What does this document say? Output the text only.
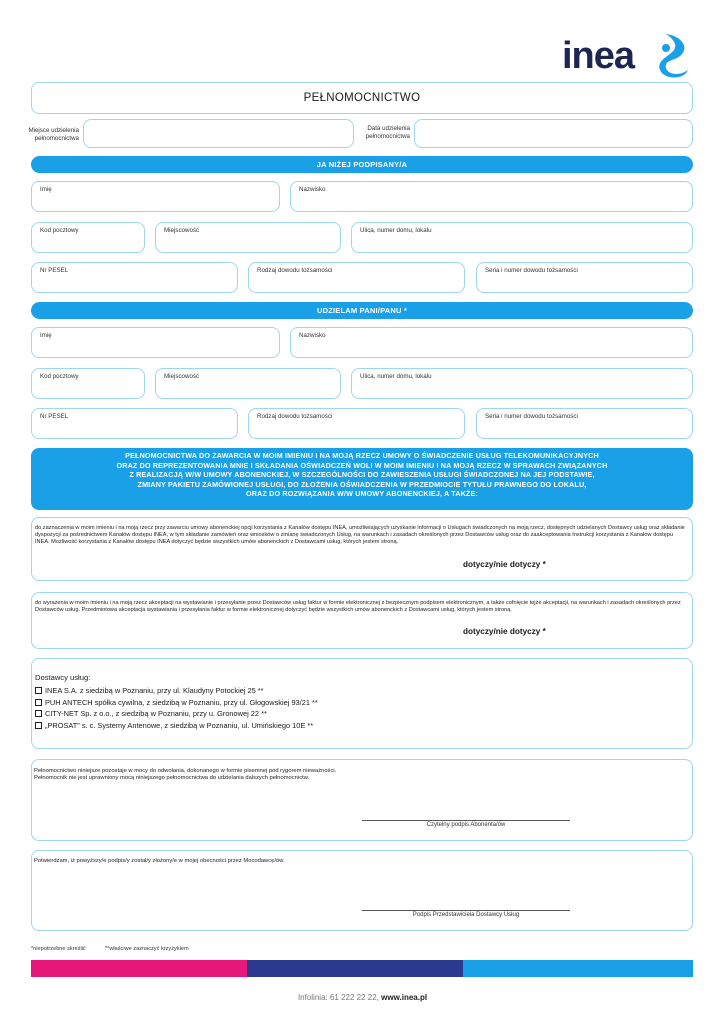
inea
PEŁNOMOCNICTWO
Miejsce udzielenia
pełnomocnictwa
Data udzielenia
pełnomocnictwa
JA NIŻEJ PODPISANY/A
Imię	Nazwisko
Kod pocztowy	Miejscowość	Ulica, numer domu, lokalu
Nr PESEL	Rodzaj dowodu tożsamości	Seria i numer dowodu tożsamości
UDZIELAM PANI/PANU *
Imię	Nazwisko
Kod pocztowy	Miejscowość	Ulica, numer domu, lokalu
Nr PESEL	Rodzaj dowodu tożsamości	Seria i numer dowodu tożsamości
PEŁNOMOCNICTWA DO ZAWARCIA W MOIM IMIENIU I NA MOJĄ RZECZ UMOWY O ŚWIADCZENIE USŁUG TELEKOMUNIKACYJNYCH
ORAZ DO REPREZENTOWANIA MNIE I SKŁADANIA OŚWIADCZEŃ WOLI W MOIM IMIENIU I NA MOJĄ RZECZ W SPRAWACH ZWIĄZANYCH
Z REALIZACJĄ W/W UMOWY ABONENCKIEJ, W SZCZEGÓLNOŚCI DO ZAWIESZENIA USŁUGI ŚWIADCZONEJ NA JEJ PODSTAWIE,
ZMIANY PAKIETU ZAMÓWIONEJ USŁUGI, DO ZŁOŻENIA OŚWIADCZENIA W PRZEDMIOCIE TYTUŁU PRAWNEGO DO LOKALU,
ORAZ DO ROZWIĄZANIA W/W UMOWY ABONENCKIEJ, A TAKŻE:
do zaznaczenia w moim imieniu i na moją rzecz przy zawarciu umowy abonenckiej opcji korzystania z Kanałów dostępu INEA, umożliwiających uzyskanie informacji o Usługach świadczonych na moją rzecz, dostępnych udzielanych Dostawcy usług oraz składanie dyspozycji za pośrednictwem Kanałów dostępu INEA, w tym składanie zamówień oraz wniosków o zmianę świadczonych Usług, na warunkach i zasadach określonych przez Dostawców usług oraz do zaakceptowania Instrukcji korzystania z Kanałów dostępu INEA. Możliwość korzystania z Kanałów dostępu INEA dotyczyć będzie wszystkich umów abonenckich z Dostawcami usług, których jestem stroną.
dotyczy/nie dotyczy *
do wyrażenia w moim imieniu i na moją rzecz akceptacji na wystawianie i przesyłanie przez Dostawców usług faktur w formie elektronicznej z bezpiecznym podpisem elektronicznym, a także cofnięcie tejże akceptacji, na warunkach i zasadach określonych przez Dostawców usług. Przedmiotowa akceptacja wystawiania i przesyłania faktur w formie elektronicznej dotyczyć będzie wszystkich umów abonenckich z Dostawcami usług, których jestem stroną.
dotyczy/nie dotyczy *
Dostawcy usług:
INEA S.A. z siedzibą w Poznaniu, przy ul. Klaudyny Potockiej 25 **
PUH ANTECH spółka cywilna, z siedzibą w Poznaniu, przy ul. Głogowskiej 93/21 **
CITY-NET Sp. z o.o., z siedzibą w Poznaniu, przy u. Gronowej 22 **
„PROSAT” s. c. Systemy Antenowe, z siedzibą w Poznaniu, ul. Umińskiego 10E **
Pełnomocnictwo niniejsze pozostaje w mocy do odwołania, dokonanego w formie pisemnej pod rygorem nieważności.
Pełnomocnik nie jest uprawniony mocą niniejszego pełnomocnictwa do udzielania dalszych pełnomocnictw.
Czytelny podpis Abonenta/ów
Potwierdzam, iż powyższy/e podpis/y został/y złożony/e w mojej obecności przez Mocodawcę/ów.
Podpis Przedstawiciela Dostawcy Usług
*niepotrzebne skreślić	**właściwe zaznaczyć krzyżykiem
Infolinia: 61 222 22 22, www.inea.pl
